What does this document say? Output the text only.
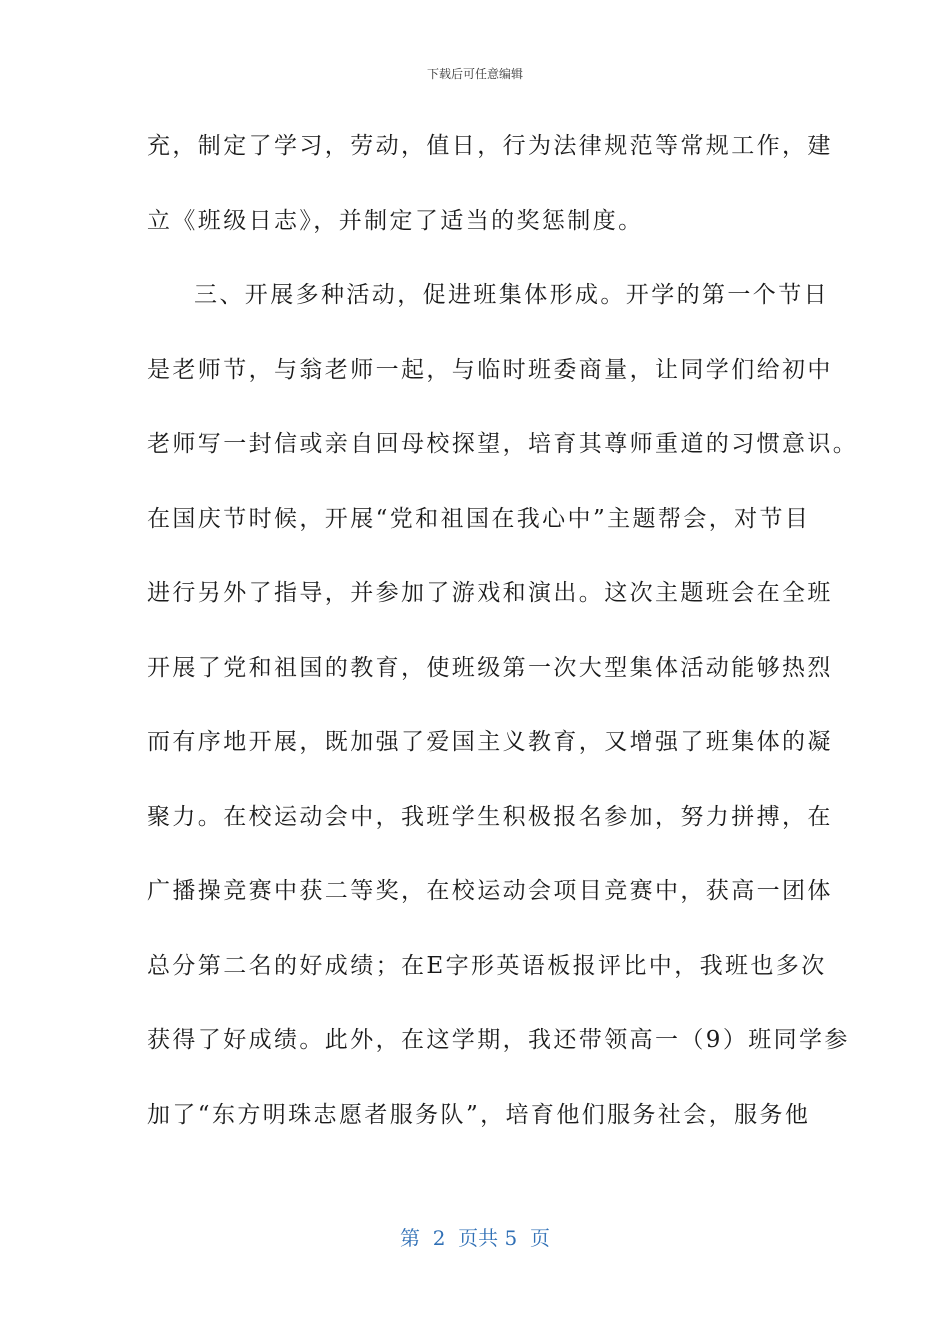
下载后可任意编辑
充，制定了学习，劳动，值日，行为法律规范等常规工作，建
立《班级日志》，并制定了适当的奖惩制度。
三、开展多种活动，促进班集体形成。开学的第一个节日
是老师节，与翁老师一起，与临时班委商量，让同学们给初中
老师写一封信或亲自回母校探望，培育其尊师重道的习惯意识。
在国庆节时候，开展“党和祖国在我心中”主题帮会，对节目
进行另外了指导，并参加了游戏和演出。这次主题班会在全班
开展了党和祖国的教育，使班级第一次大型集体活动能够热烈
而有序地开展，既加强了爱国主义教育，又增强了班集体的凝
聚力。在校运动会中，我班学生积极报名参加，努力拼搏，在
广播操竞赛中获二等奖，在校运动会项目竞赛中，获高一团体
总分第二名的好成绩；在E字形英语板报评比中，我班也多次
获得了好成绩。此外，在这学期，我还带领高一（9）班同学参
加了“东方明珠志愿者服务队”，培育他们服务社会，服务他
第  2  页共 5  页
